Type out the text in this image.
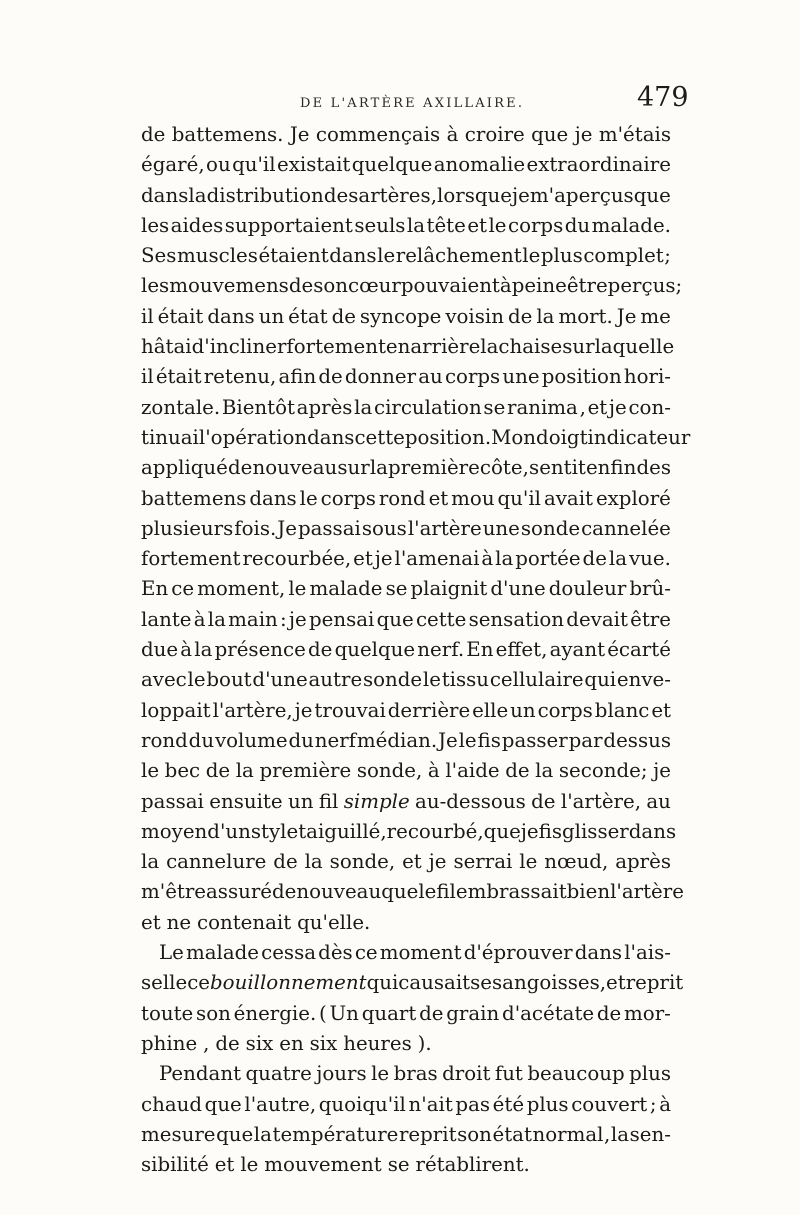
DE L'ARTÈRE AXILLAIRE.	479
de battemens. Je commençais à croire que je m'étais
égaré, ou qu'il existait quelque anomalie extraordinaire
dans la distribution des artères , lorsque je m'aperçus que
les aides supportaient seuls la tête et le corps du malade.
Ses muscles étaient dans le relâchement le plus complet ;
les mouvemens de son cœur pouvaient à peine être perçus;
il était dans un état de syncope voisin de la mort. Je me
hâtai d'incliner fortement en arrière la chaise sur laquelle
il était retenu, afin de donner au corps une position hori-
zontale. Bientôt après la circulation se ranima , et je con-
tinuai l'opération dans cette position. Mon doigt indicateur
appliqué de nouveau sur la première côte , sentit enfin des
battemens dans le corps rond et mou qu'il avait exploré
plusieurs fois. Je passai sous l'artère une sonde cannelée
fortement recourbée, et je l'amenai à la portée de la vue.
En ce moment, le malade se plaignit d'une douleur brû-
lante à la main : je pensai que cette sensation devait être
due à la présence de quelque nerf. En effet, ayant écarté
avec le bout d'une autre sonde le tissu cellulaire qui enve-
loppait l'artère, je trouvai derrière elle un corps blanc et
rond du volume du nerf médian. Je le fis passer par dessus
le bec de la première sonde, à l'aide de la seconde; je
passai ensuite un fil simple au-dessous de l'artère, au
moyen d'un stylet aiguillé, recourbé, que je fis glisser dans
la cannelure de la sonde, et je serrai le nœud, après
m'être assuré de nouveau que le fil embrassait bien l'artère
et ne contenait qu'elle.
Le malade cessa dès ce moment d'éprouver dans l'ais-
selle ce bouillonnement qui causait ses angoisses, et reprit
toute son énergie. ( Un quart de grain d'acétate de mor-
phine , de six en six heures ).
Pendant quatre jours le bras droit fut beaucoup plus
chaud que l'autre, quoiqu'il n'ait pas été plus couvert ; à
mesure que la température reprit son état normal , la sen-
sibilité et le mouvement se rétablirent.
